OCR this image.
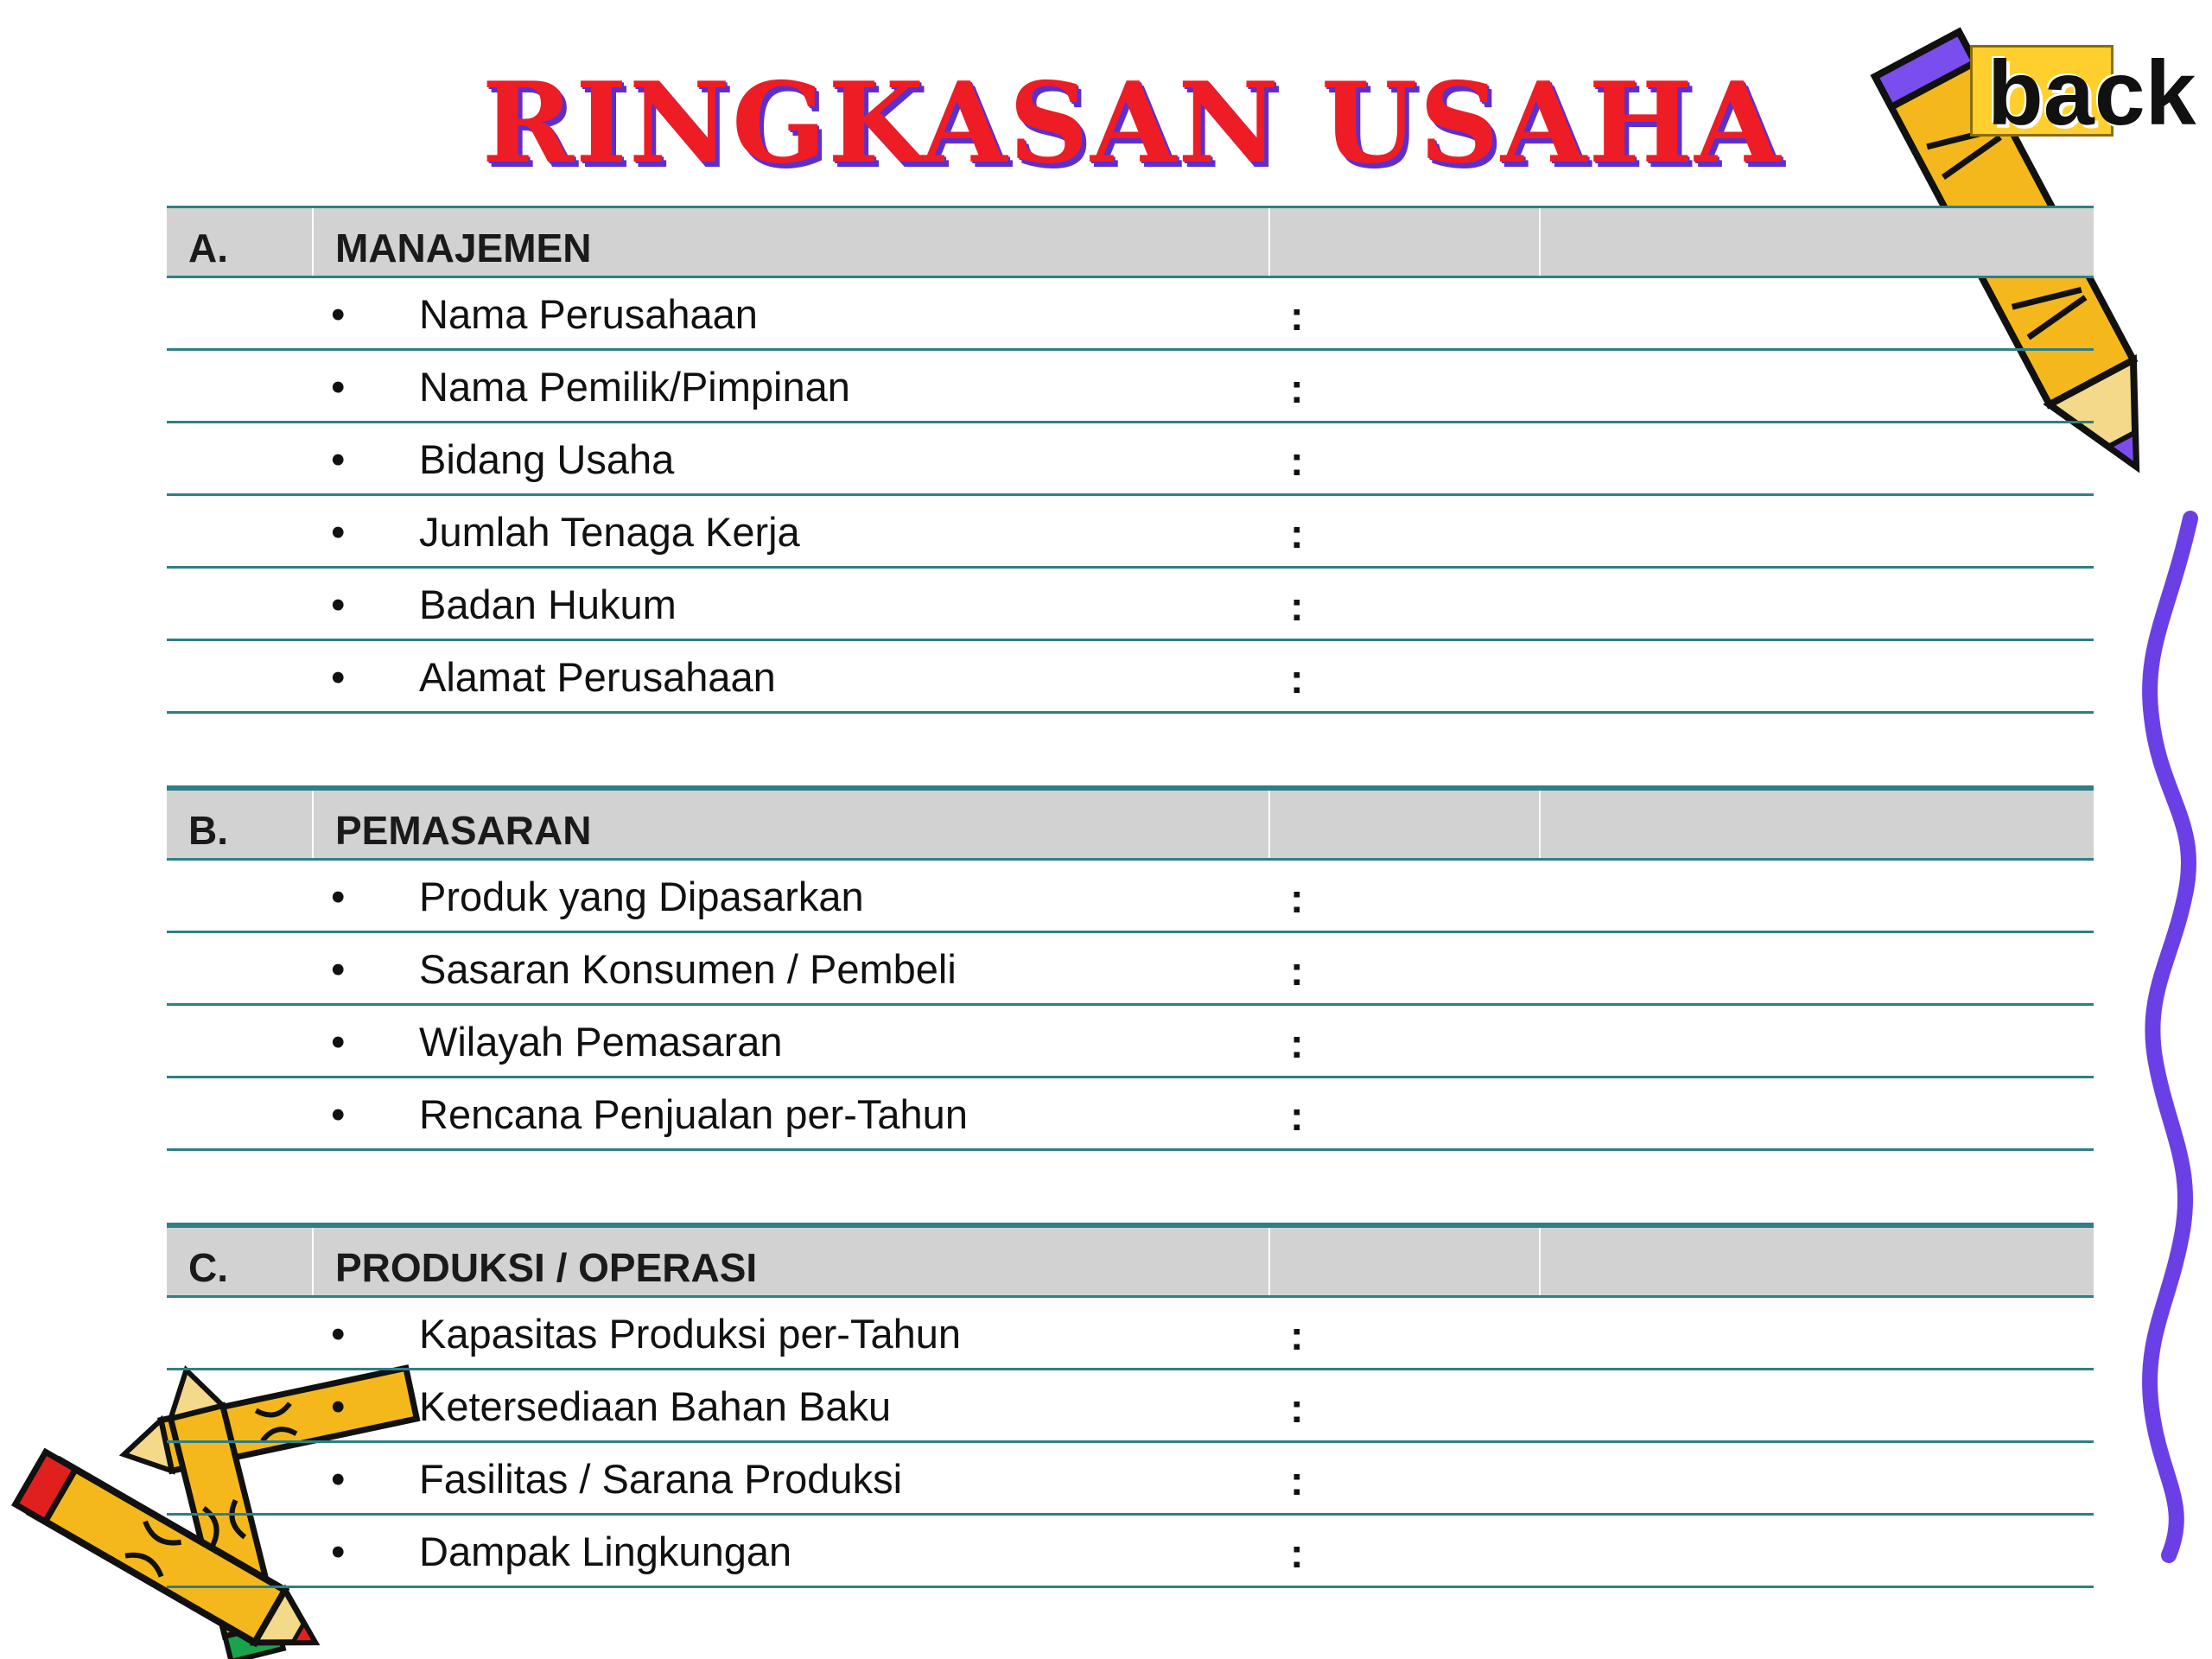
RINGKASAN USAHA	back
A.	MANAJEMEN
• Nama Perusahaan	:
• Nama Pemilik/Pimpinan	:
• Bidang Usaha	:
• Jumlah Tenaga Kerja	:
• Badan Hukum	:
• Alamat Perusahaan	:
B.	PEMASARAN
• Produk yang Dipasarkan	:
• Sasaran Konsumen / Pembeli	:
• Wilayah Pemasaran	:
• Rencana Penjualan per-Tahun	:
C.	PRODUKSI / OPERASI
• Kapasitas Produksi per-Tahun	:
• Ketersediaan Bahan Baku	:
• Fasilitas / Sarana Produksi	:
• Dampak Lingkungan	:
